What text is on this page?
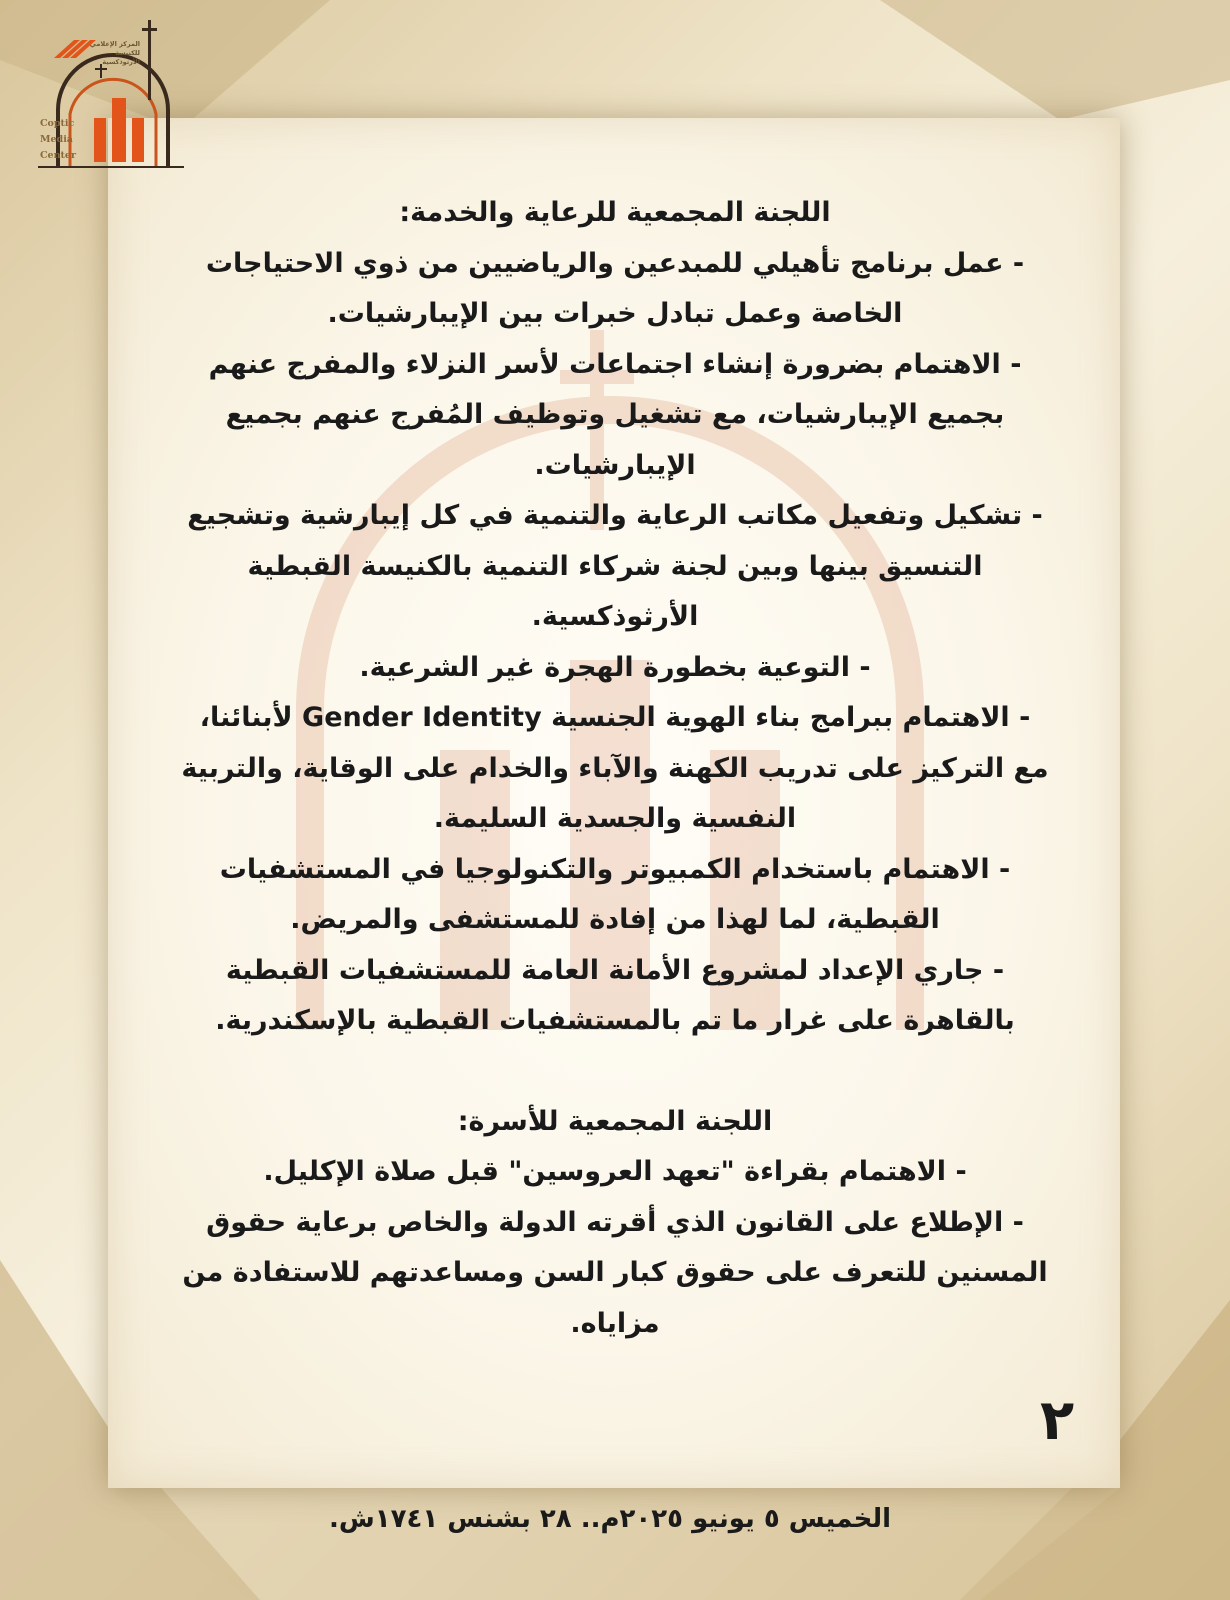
المركز الإعلامي
للكنيسة الأرثوذكسية
Coptic
Media
Center

اللجنة المجمعية للرعاية والخدمة:

- عمل برنامج تأهيلي للمبدعين والرياضيين من ذوي الاحتياجات

الخاصة وعمل تبادل خبرات بين الإيبارشيات.

- الاهتمام بضرورة إنشاء اجتماعات لأسر النزلاء والمفرج عنهم

بجميع الإيبارشيات، مع تشغيل وتوظيف المُفرج عنهم بجميع

الإيبارشيات.

- تشكيل وتفعيل مكاتب الرعاية والتنمية في كل إيبارشية وتشجيع

التنسيق بينها وبين لجنة شركاء التنمية بالكنيسة القبطية

الأرثوذكسية.

- التوعية بخطورة الهجرة غير الشرعية.

- الاهتمام ببرامج بناء الهوية الجنسية Gender Identity لأبنائنا،

مع التركيز على تدريب الكهنة والآباء والخدام على الوقاية، والتربية

النفسية والجسدية السليمة.

- الاهتمام باستخدام الكمبيوتر والتكنولوجيا في المستشفيات

القبطية، لما لهذا من إفادة للمستشفى والمريض.

- جاري الإعداد لمشروع الأمانة العامة للمستشفيات القبطية

بالقاهرة على غرار ما تم بالمستشفيات القبطية بالإسكندرية.

اللجنة المجمعية للأسرة:

- الاهتمام بقراءة "تعهد العروسين" قبل صلاة الإكليل.

- الإطلاع على القانون الذي أقرته الدولة والخاص برعاية حقوق

المسنين للتعرف على حقوق كبار السن ومساعدتهم للاستفادة من

مزاياه.

٢
الخميس ٥ يونيو ٢٠٢٥م.. ٢٨ بشنس ١٧٤١ش.
